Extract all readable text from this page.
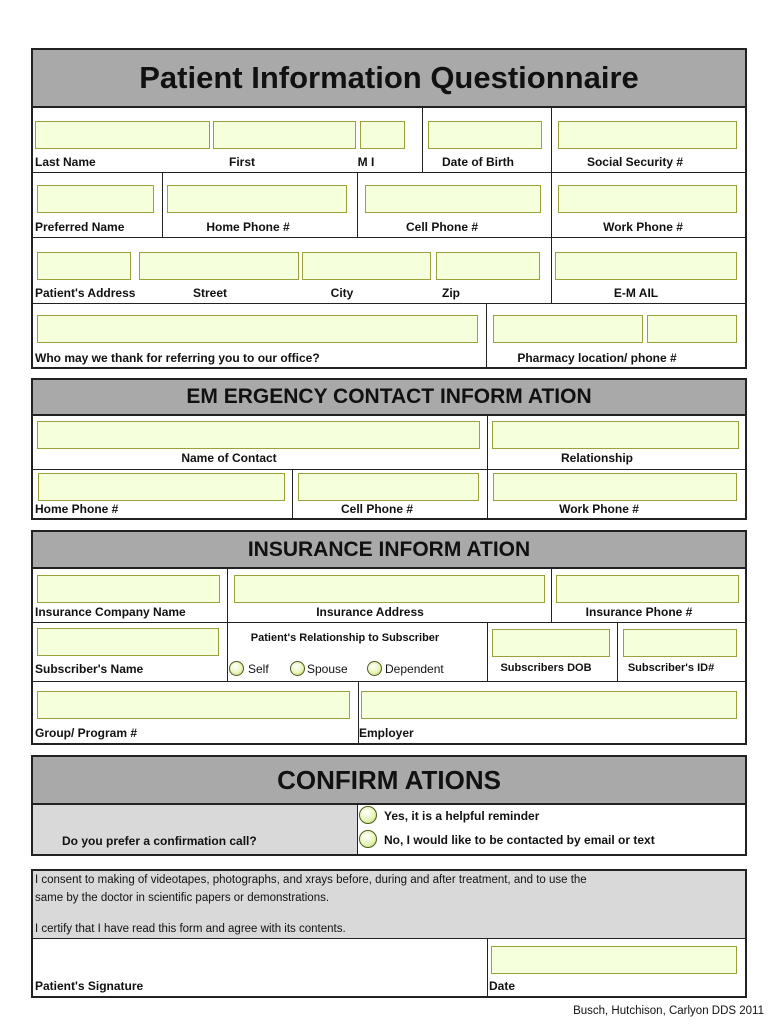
Patient Information Questionnaire
Last Name	First	M I	Date of Birth	Social Security #
Preferred Name	Home Phone #	Cell Phone #	Work Phone #
Patient's Address	Street	City	Zip	E-M AIL
Who may we thank for referring you to our office?	Pharmacy location/ phone #
EM ERGENCY CONTACT INFORM ATION
Name of Contact	Relationship
Home Phone #	Cell Phone #	Work Phone #
INSURANCE INFORM ATION
Insurance Company Name	Insurance Address	Insurance Phone #
Patient's Relationship to Subscriber
Subscriber's Name	Self	Spouse	Dependent	Subscribers DOB	Subscriber's ID#
Group/ Program #	Employer
CONFIRM ATIONS
Do you prefer a confirmation call?
Yes, it is a helpful reminder
No, I would like to be contacted by email or text
I consent to making of videotapes, photographs, and xrays before, during and after treatment, and to use the
same by the doctor in scientific papers or demonstrations.
I certify that I have read this form and agree with its contents.
Patient's Signature	Date
Busch, Hutchison, Carlyon DDS 2011
